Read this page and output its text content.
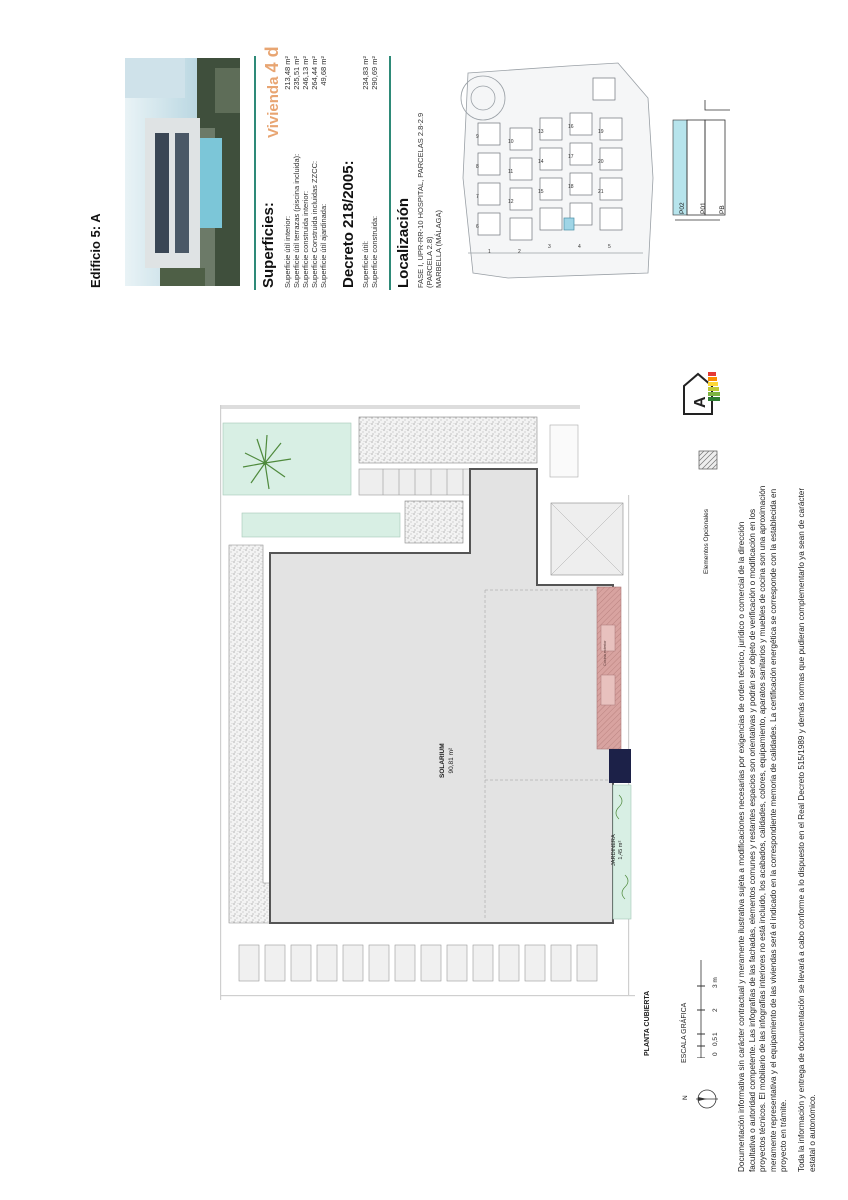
Edificio 5: A	Superficies:
Vivienda 4 d
Superficie útil interior:
213,48 m²
Superficie útil terrazas (piscina incluida):
235,51 m²
Superficie construida interior:
246,13 m²
Superficie Construida incluidas ZZCC:
264,44 m²
Superficie útil ajardinada:
49,68 m²
Decreto 218/2005: Superficie útil:
234,83 m²
Superficie construida:
290,69 m²
Localización FASE I, UPR-RR-10 HOSPITAL, PARCELAS 2.8-2.9 (PARCELA 2.8) MARBELLA (MÁLAGA)	1	2
3	4	5
6
7
8
9
10
11
12
13
14
15
16
17
18
19
20
21
P02 P01 PB
SOLARIUM 90,81 m²
JARDINERA 1,45 m²
Cocina exterior
PLANTA CUBIERTA	ESCALA GRÁFICA	0
0,5
1
2
3 m
N
Elementos Opcionales
A
Documentación informativa sin carácter contractual y meramente ilustrativa sujeta a modificaciones necesarias por exigencias de orden técnico, jurídico o comercial de la dirección facultativa o autoridad competente. Las infografías de las fachadas, elementos comunes y restantes espacios son orientativas y podrán ser objeto de verificación o modificación en los proyectos técnicos. El mobiliario de las infografías interiores no está incluido, los acabados, calidades, colores, equipamiento, aparatos sanitarios y muebles de cocina son una aproximación meramente representativa y el equipamiento de las viviendas será el indicado en la correspondiente memoria de calidades. La certificación energética se corresponde con la establecida en proyecto en trámite. Toda la información y entrega de documentación se llevará a cabo conforme a lo dispuesto en el Real Decreto 515/1989 y demás normas que pudieran complementarlo ya sean de carácter estatal o autonómico.
